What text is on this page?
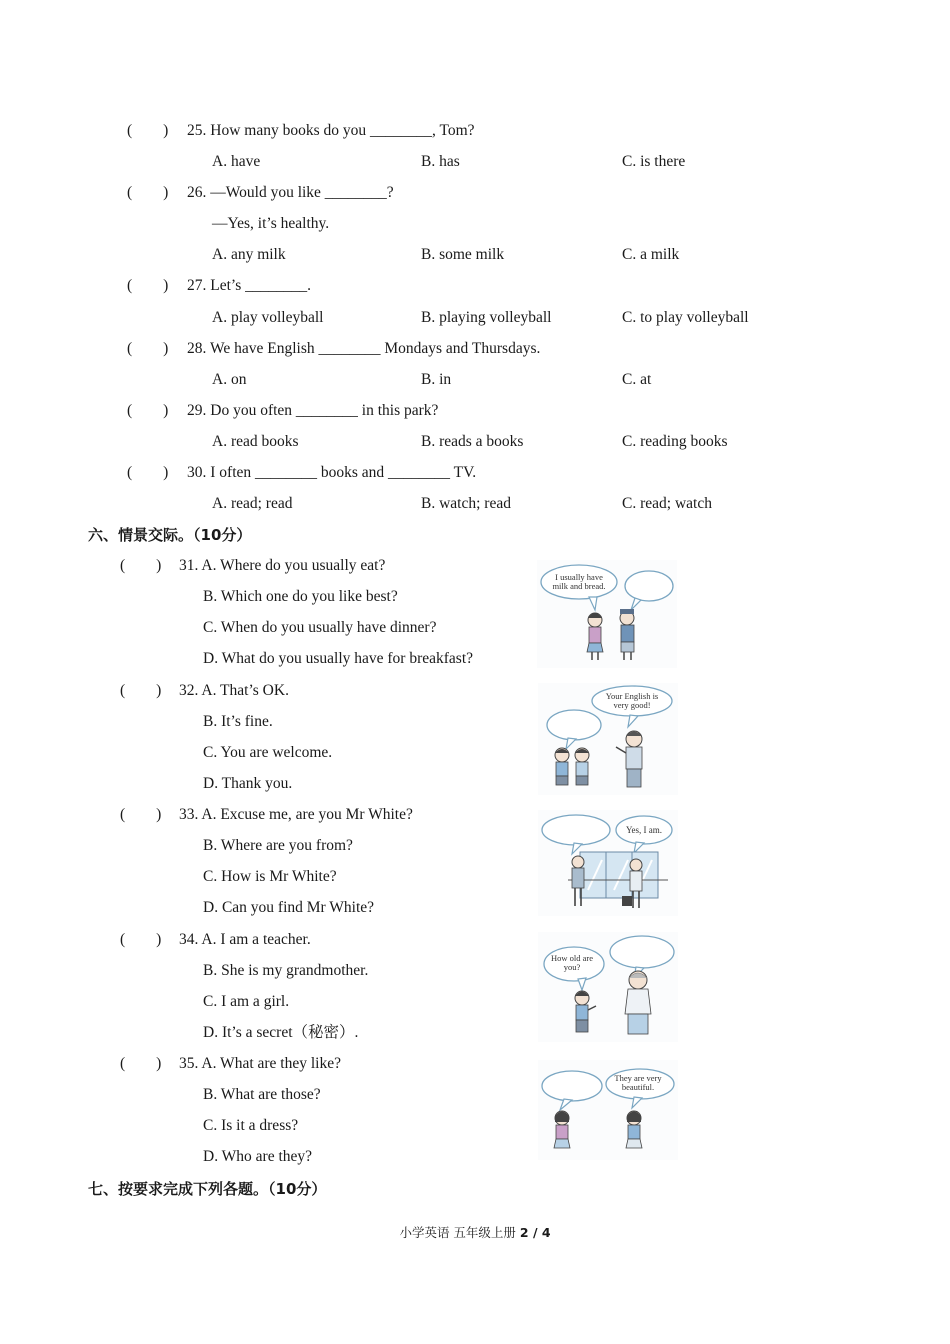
(        ) 25. How many books do you ________, Tom?
A. have	B. has	C. is there
(        ) 26. —Would you like ________?
—Yes, it’s healthy.
A. any milk	B. some milk	C. a milk
(        ) 27. Let’s ________.
A. play volleyball	B. playing volleyball	C. to play volleyball
(        ) 28. We have English ________ Mondays and Thursdays.
A. on	B. in	C. at
(        ) 29. Do you often ________ in this park?
A. read books	B. reads a books	C. reading books
(        ) 30. I often ________ books and ________ TV.
A. read; read	B. watch; read	C. read; watch
六、情景交际。（10分）
(        ) 31. A. Where do you usually eat?
B. Which one do you like best?
C. When do you usually have dinner?
D. What do you usually have for breakfast?
I usually have milk and bread.
(        ) 32. A. That’s OK.
B. It’s fine.
C. You are welcome.
D. Thank you.
Your English is very good!
(        ) 33. A. Excuse me, are you Mr White?
B. Where are you from?
C. How is Mr White?
D. Can you find Mr White?
Yes, I am.
(        ) 34. A. I am a teacher.
B. She is my grandmother.
C. I am a girl.
D. It’s a secret（秘密）.
How old are you?
(        ) 35. A. What are they like?
B. What are those?
C. Is it a dress?
D. Who are they?
They are very beautiful.
七、按要求完成下列各题。（10分）
小学英语 五年级上册 2 / 4
